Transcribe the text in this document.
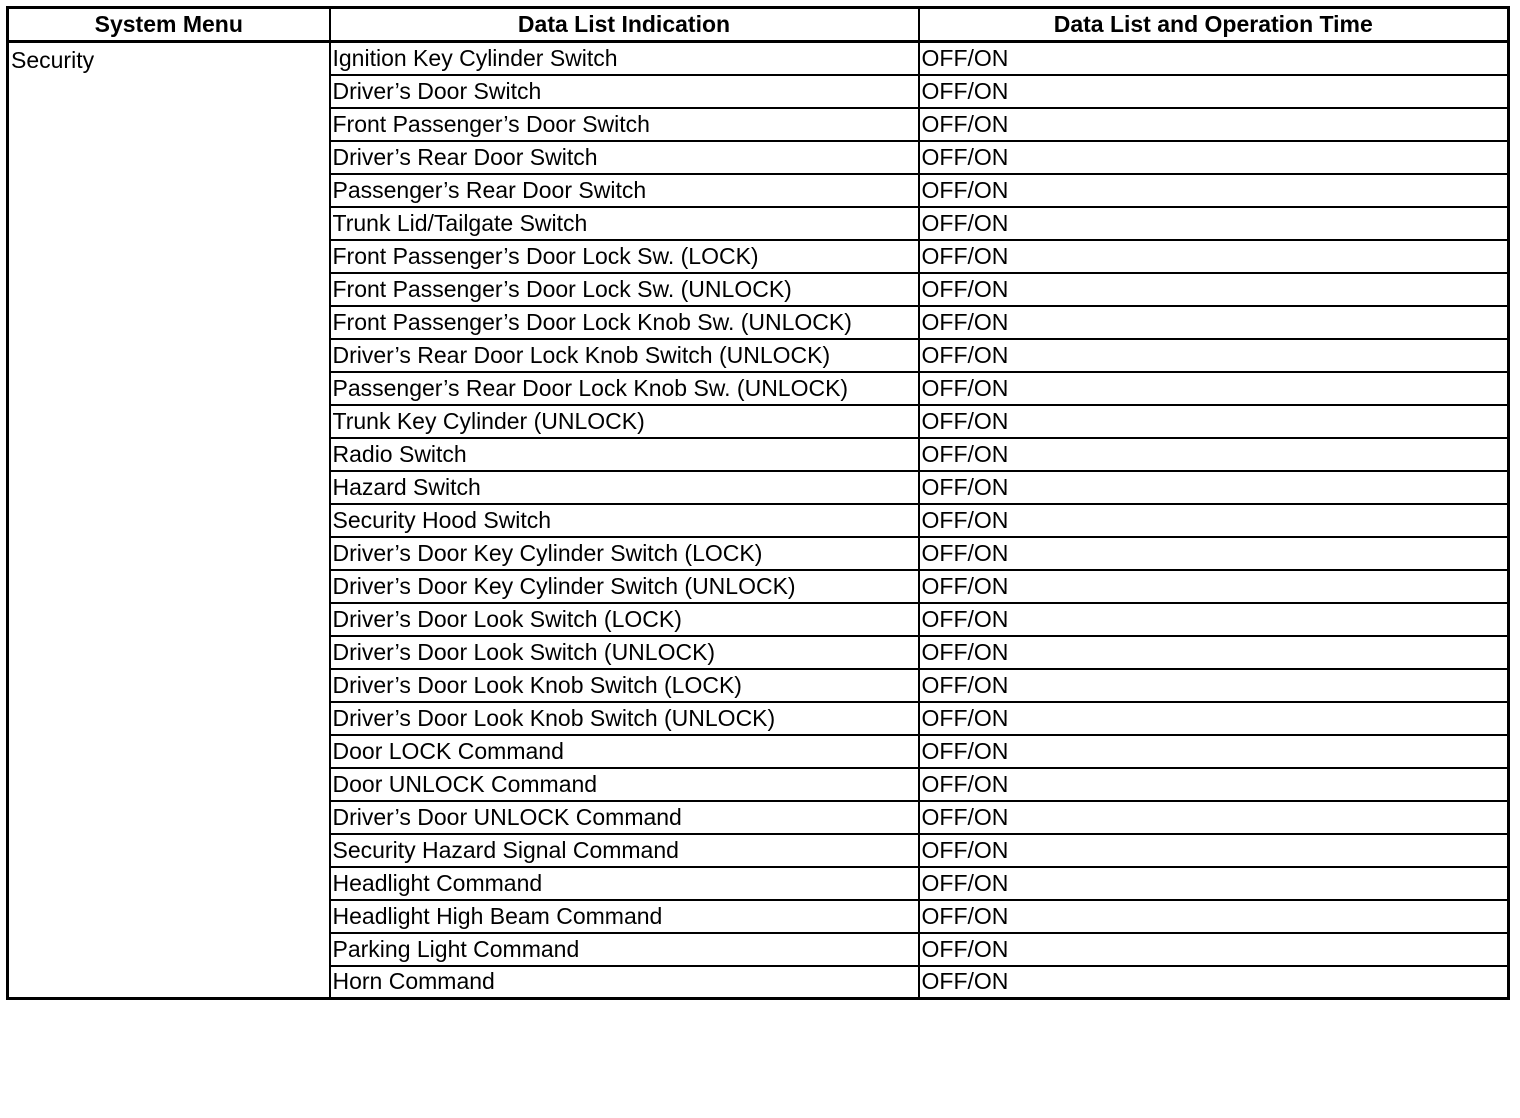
System Menu	Data List Indication	Data List and Operation Time
Security	Ignition Key Cylinder Switch	OFF/ON
	Driver’s Door Switch	OFF/ON
	Front Passenger’s Door Switch	OFF/ON
	Driver’s Rear Door Switch	OFF/ON
	Passenger’s Rear Door Switch	OFF/ON
	Trunk Lid/Tailgate Switch	OFF/ON
	Front Passenger’s Door Lock Sw. (LOCK)	OFF/ON
	Front Passenger’s Door Lock Sw. (UNLOCK)	OFF/ON
	Front Passenger’s Door Lock Knob Sw. (UNLOCK)	OFF/ON
	Driver’s Rear Door Lock Knob Switch (UNLOCK)	OFF/ON
	Passenger’s Rear Door Lock Knob Sw. (UNLOCK)	OFF/ON
	Trunk Key Cylinder (UNLOCK)	OFF/ON
	Radio Switch	OFF/ON
	Hazard Switch	OFF/ON
	Security Hood Switch	OFF/ON
	Driver’s Door Key Cylinder Switch (LOCK)	OFF/ON
	Driver’s Door Key Cylinder Switch (UNLOCK)	OFF/ON
	Driver’s Door Look Switch (LOCK)	OFF/ON
	Driver’s Door Look Switch (UNLOCK)	OFF/ON
	Driver’s Door Look Knob Switch (LOCK)	OFF/ON
	Driver’s Door Look Knob Switch (UNLOCK)	OFF/ON
	Door LOCK Command	OFF/ON
	Door UNLOCK Command	OFF/ON
	Driver’s Door UNLOCK Command	OFF/ON
	Security Hazard Signal Command	OFF/ON
	Headlight Command	OFF/ON
	Headlight High Beam Command	OFF/ON
	Parking Light Command	OFF/ON
	Horn Command	OFF/ON
